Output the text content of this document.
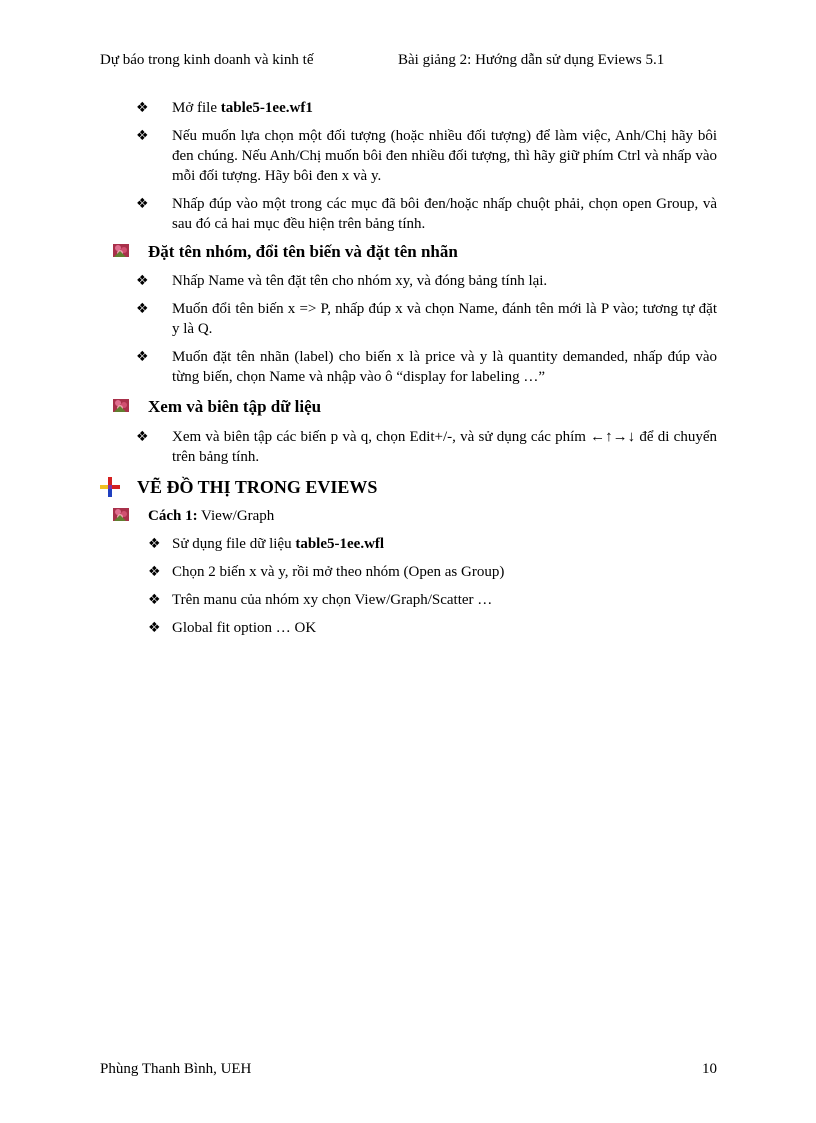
Dự báo trong kinh doanh và kinh tế	Bài giảng 2: Hướng dẫn sử dụng Eviews 5.1
❖ Mở file table5-1ee.wf1
❖ Nếu muốn lựa chọn một đối tượng (hoặc nhiều đối tượng) để làm việc, Anh/Chị hãy bôi đen chúng. Nếu Anh/Chị muốn bôi đen nhiều đối tượng, thì hãy giữ phím Ctrl và nhấp vào mỗi đối tượng. Hãy bôi đen x và y.
❖ Nhấp đúp vào một trong các mục đã bôi đen/hoặc nhấp chuột phải, chọn open Group, và sau đó cả hai mục đều hiện trên bảng tính.
Đặt tên nhóm, đổi tên biến và đặt tên nhãn
❖ Nhấp Name và tên đặt tên cho nhóm xy, và đóng bảng tính lại.
❖ Muốn đổi tên biến x => P, nhấp đúp x và chọn Name, đánh tên mới là P vào; tương tự đặt y là Q.
❖ Muốn đặt tên nhãn (label) cho biến x là price và y là quantity demanded, nhấp đúp vào từng biến, chọn Name và nhập vào ô “display for labeling …”
Xem và biên tập dữ liệu
❖ Xem và biên tập các biến p và q, chọn Edit+/-, và sử dụng các phím ←↑→↓ để di chuyển trên bảng tính.
VẼ ĐỒ THỊ TRONG EVIEWS
Cách 1: View/Graph
❖ Sử dụng file dữ liệu table5-1ee.wfl
❖ Chọn 2 biến x và y, rồi mở theo nhóm (Open as Group)
❖ Trên manu của nhóm xy chọn View/Graph/Scatter …
❖ Global fit option … OK
Phùng Thanh Bình, UEH	10
